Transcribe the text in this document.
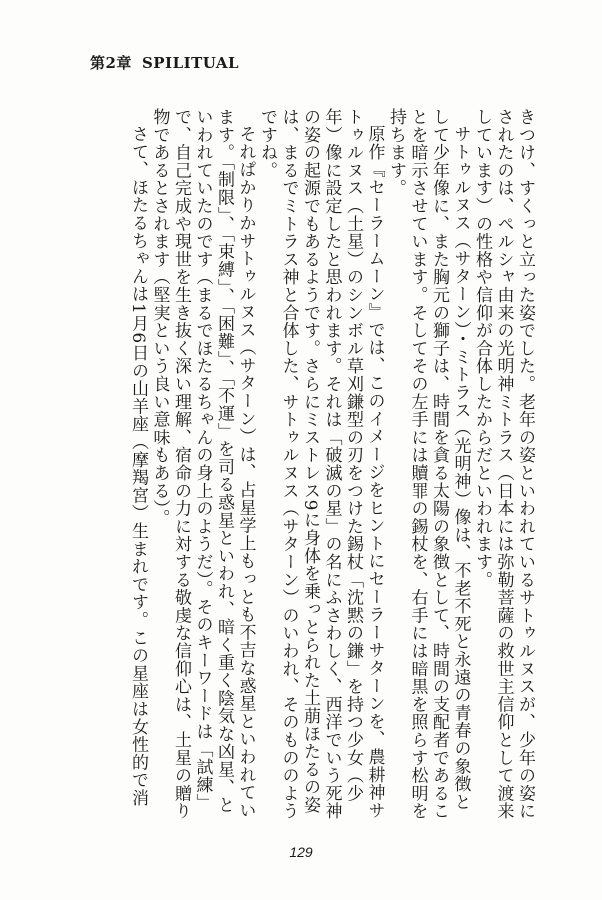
第2章 SPILITUAL

きつけ、すくっと立った姿でした。老年の姿といわれているサトゥルヌスが、少年の姿にされたのは、ペルシャ由来の光明神ミトラス（日本には弥勒菩薩の救世主信仰として渡来しています）の性格や信仰が合体したからだといわれます。

サトゥルヌス（サターン）・ミトラス（光明神）像は、不老不死と永遠の青春の象徴として少年像に、また胸元の獅子は、時間を貪る太陽の象徴として、時間の支配者であることを暗示させています。そしてその左手には贖罪の錫杖を、右手には暗黒を照らす松明を持ちます。

原作『セーラームーン』では、このイメージをヒントにセーラーサターンを、農耕神サトゥルヌス（土星）のシンボル草刈鎌型の刃をつけた錫杖「沈黙の鎌」を持つ少女（少年）像に設定したと思われます。それは「破滅の星」の名にふさわしく、西洋でいう死神の姿の起源でもあるようです。さらにミストレス9に身体を乗っとられた土萠ほたるの姿は、まるでミトラス神と合体した、サトゥルヌス（サターン）のいわれ、そのもののようですね。

それぱかりかサトゥルヌス（サターン）は、占星学上もっとも不吉な惑星といわれています。「制限」、「束縛」、「困難」、「不運」を司る惑星といわれ、暗く重く陰気な凶星、といわれていたのです（まるでほたるちゃんの身上のようだ）。そのキーワードは「試練」で、自己完成や現世を生き抜く深い理解、宿命の力に対する敬虔な信仰心は、土星の贈り物であるとされます（堅実という良い意味もある）。

さて、ほたるちゃんは1月6日の山羊座（摩羯宮）生まれです。この星座は女性的で消

129
